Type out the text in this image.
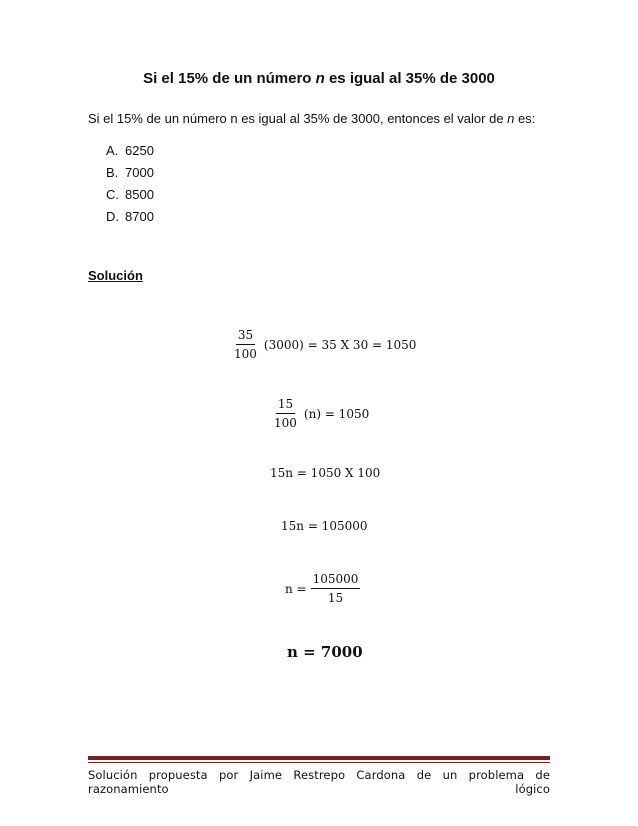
Si el 15% de un número n es igual al 35% de 3000
Si el 15% de un número n es igual al 35% de 3000, entonces el valor de n es:
A. 6250
B. 7000
C. 8500
D. 8700
Solución
$\frac{35}{100} (3000) = 35$ X 30 = 1050
$\frac{15}{100} (n) = 1050$
15n = 1050 X 100
15n = 105000
$n = \frac{105000}{15}$
n = 7000
Solución propuesta por Jaime Restrepo Cardona de un problema de razonamiento lógico
